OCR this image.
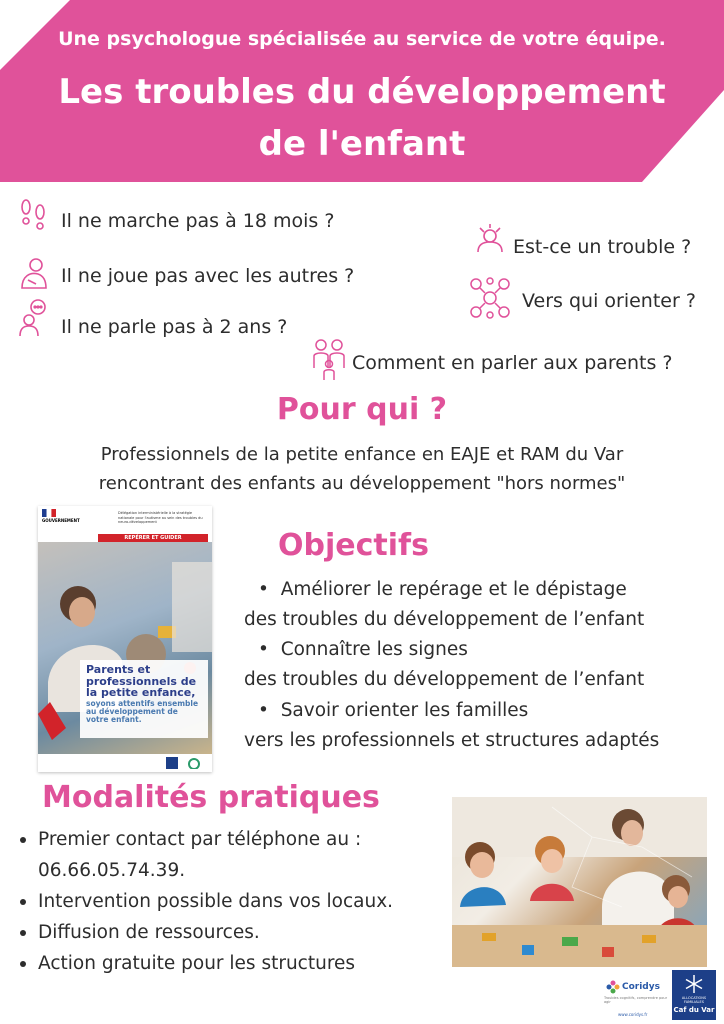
Une psychologue spécialisée au service de votre équipe.
Les troubles du développement
de l'enfant
Il ne marche pas à 18 mois ?
Il ne joue pas avec les autres ?
Il ne parle pas à 2 ans ?
Est-ce un trouble ?
Vers qui orienter ?
Comment en parler aux parents ?
Pour qui ?
Professionnels de la petite enfance en EAJE et RAM du Var
rencontrant des enfants au développement "hors normes"
GOUVERNEMENT
Délégation interministérielle à la stratégie nationale pour l'autisme au sein des troubles du neuro-développement
REPÉRER ET GUIDER
Parents et professionnels de la petite enfance,
soyons attentifs ensemble au développement de votre enfant.
Objectifs
•  Améliorer le repérage et le dépistage
des troubles du développement de l’enfant
•  Connaître les signes
des troubles du développement de l’enfant
•  Savoir orienter les familles
vers les professionnels et structures adaptés
Modalités pratiques
Premier contact par téléphone au :
06.66.05.74.39.
Intervention possible dans vos locaux.
Diffusion de ressources.
Action gratuite pour les structures
Coridys
Troubles cognitifs, comprendre pour agir
www.coridys.fr
ALLOCATIONS FAMILIALES
Caf du Var
